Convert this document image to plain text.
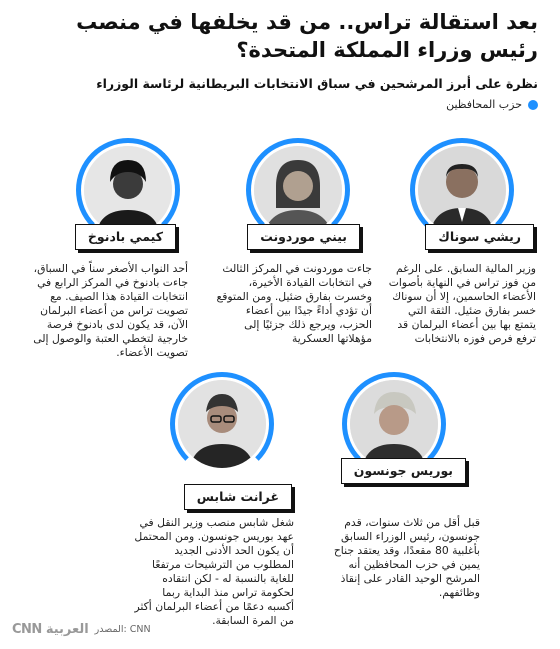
بعد استقالة تراس.. من قد يخلفها في منصب رئيس وزراء المملكة المتحدة؟
نظرة على أبرز المرشحين في سباق الانتخابات البريطانية لرئاسة الوزراء
حزب المحافظين
ريشي سوناك
وزير المالية السابق. على الرغم من فوز تراس في النهاية بأصوات الأعضاء الحاسمين، إلا أن سوناك خسر بفارق ضئيل. الثقة التي يتمتع بها بين أعضاء البرلمان قد ترفع فرص فوزه بالانتخابات
بيني موردونت
جاءت موردونت في المركز الثالث في انتخابات القيادة الأخيرة، وخسرت بفارق ضئيل. ومن المتوقع أن تؤدي أداءً جيدًا بين أعضاء الحزب، ويرجع ذلك جزئيًا إلى مؤهلاتها العسكرية
كيمي بادنوخ
أحد النواب الأصغر سناً في السباق، جاءت بادنوخ في المركز الرابع في انتخابات القيادة هذا الصيف. مع تصويت تراس من أعضاء البرلمان الآن، قد يكون لدى بادنوخ فرصة خارجية لتخطي العتبة والوصول إلى تصويت الأعضاء.
بوريس جونسون
قبل أقل من ثلاث سنوات، قدم جونسون، رئيس الوزراء السابق بأغلبية 80 مقعدًا، وقد يعتقد جناح يمين في حزب المحافظين أنه المرشح الوحيد القادر على إنقاذ وظائفهم.
غرانت شابس
شغل شابس منصب وزير النقل في عهد بوريس جونسون. ومن المحتمل أن يكون الحد الأدنى الجديد المطلوب من الترشيحات مرتفعًا للغاية بالنسبة له - لكن انتقاده لحكومة تراس منذ البداية ربما أكسبه دعمًا من أعضاء البرلمان أكثر من المرة السابقة.
CNN العربية المصدر: CNN
